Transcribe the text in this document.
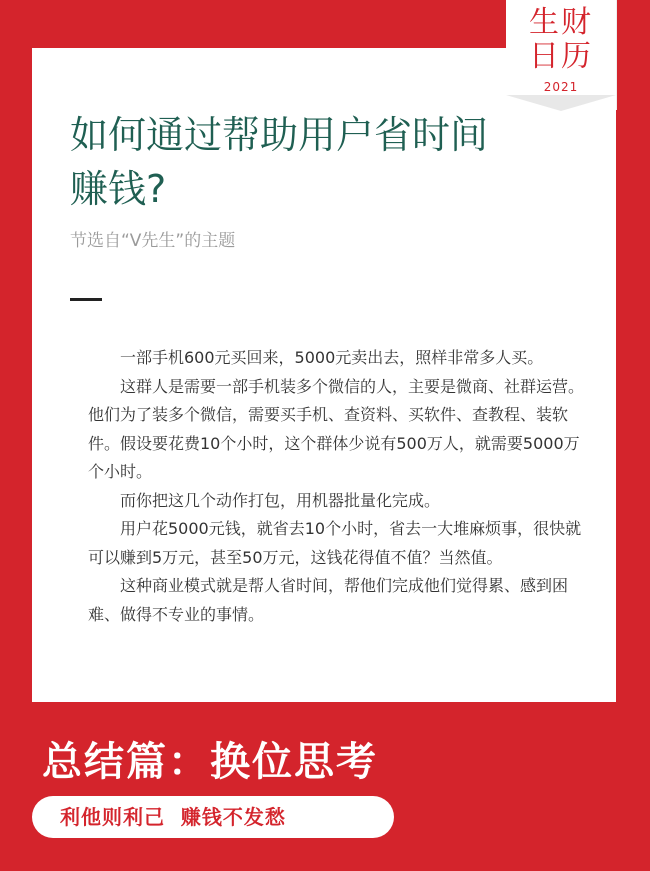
生财
日历
2021
如何通过帮助用户省时间赚钱?
节选自“V先生”的主题

一部手机600元买回来，5000元卖出去，照样非常多人买。

这群人是需要一部手机装多个微信的人，主要是微商、社群运营。他们为了装多个微信，需要买手机、查资料、买软件、查教程、装软件。假设要花费10个小时，这个群体少说有500万人，就需要5000万个小时。

而你把这几个动作打包，用机器批量化完成。

用户花5000元钱，就省去10个小时，省去一大堆麻烦事，很快就可以赚到5万元，甚至50万元，这钱花得值不值？当然值。

这种商业模式就是帮人省时间，帮他们完成他们觉得累、感到困难、做得不专业的事情。

总结篇：换位思考
利他则利己  赚钱不发愁
